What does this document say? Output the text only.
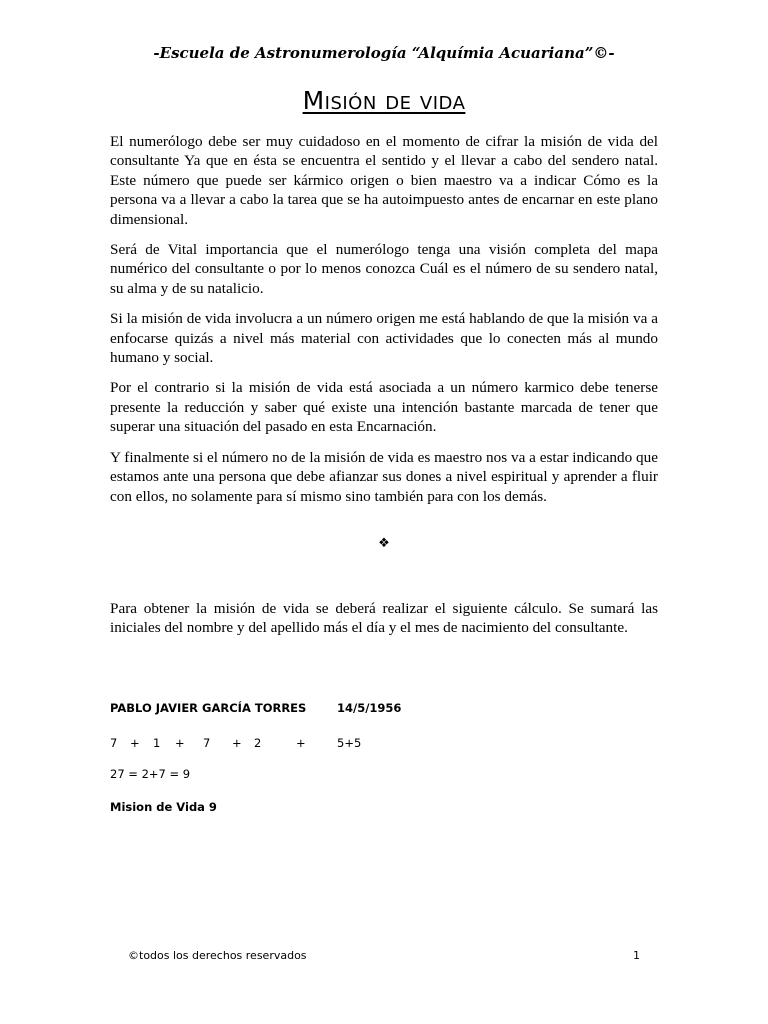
-Escuela de Astronumerología “Alquímia Acuariana”©-
Misión de vida

El numerólogo debe ser muy cuidadoso en el momento de cifrar la misión de vida del consultante Ya que en ésta se encuentra el sentido y el llevar a cabo del sendero natal. Este número que puede ser kármico origen o bien maestro va a indicar Cómo es la persona va a llevar a cabo la tarea que se ha autoimpuesto antes de encarnar en este plano dimensional.

Será de Vital importancia que el numerólogo tenga una visión completa del mapa numérico del consultante o por lo menos conozca Cuál es el número de su sendero natal, su alma y de su natalicio.

Si la misión de vida involucra a un número origen me está hablando de que la misión va a enfocarse quizás a nivel más material con actividades que lo conecten más al mundo humano y social.

Por el contrario si la misión de vida está asociada a un número karmico debe tenerse presente la reducción y saber qué existe una intención bastante marcada de tener que superar una situación del pasado en esta Encarnación.

Y finalmente si el número no de la misión de vida es maestro nos va a estar indicando que estamos ante una persona que debe afianzar sus dones a nivel espiritual y aprender a fluir con ellos, no solamente para sí mismo sino también para con los demás.

❖

Para obtener la misión de vida se deberá realizar el siguiente cálculo. Se sumará las iniciales del nombre y del apellido más el día y el mes de nacimiento del consultante.

PABLO JAVIER GARCÍA TORRES	14/5/1956
7 + 1 + 7 + 2	+	5+5
27 = 2+7 = 9
Mision de Vida 9
©todos los derechos reservados	1
